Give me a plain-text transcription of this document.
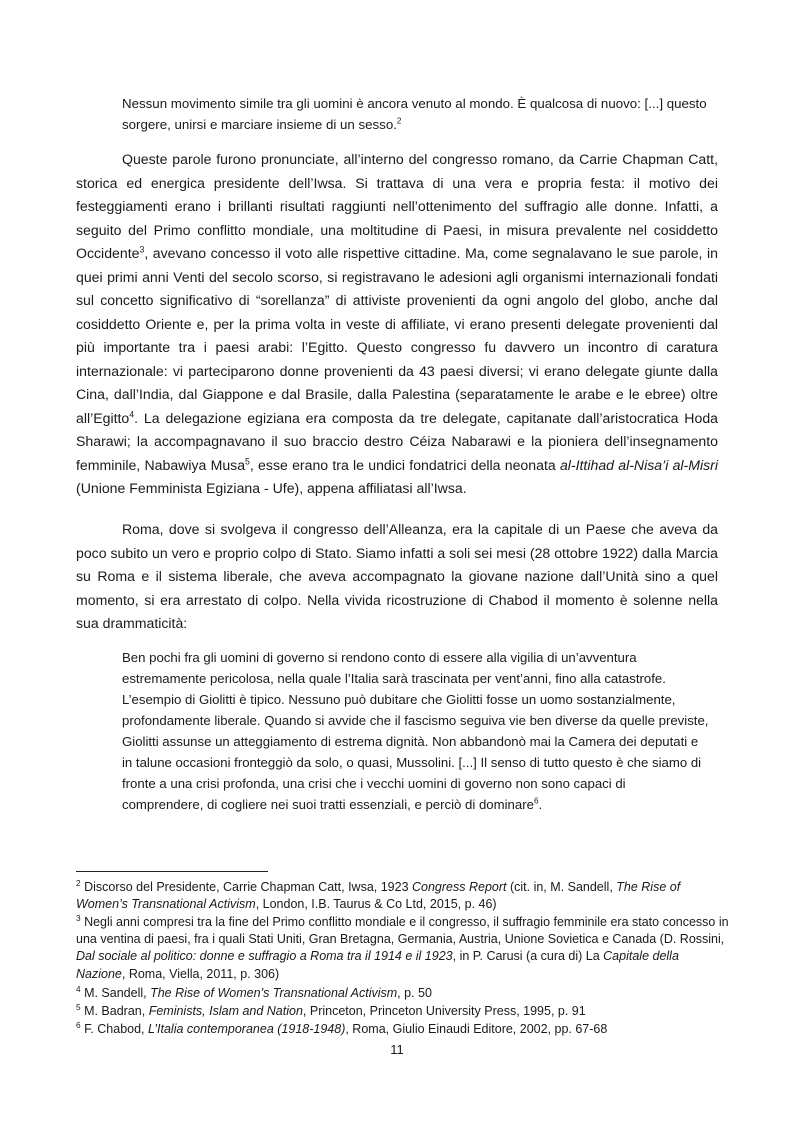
Nessun movimento simile tra gli uomini è ancora venuto al mondo. È qualcosa di nuovo: [...] questo sorgere, unirsi e marciare insieme di un sesso.$^2$

Queste parole furono pronunciate, all’interno del congresso romano, da Carrie Chapman Catt, storica ed energica presidente dell’Iwsa. Si trattava di una vera e propria festa: il motivo dei festeggiamenti erano i brillanti risultati raggiunti nell’ottenimento del suffragio alle donne. Infatti, a seguito del Primo conflitto mondiale, una moltitudine di Paesi, in misura prevalente nel cosiddetto Occidente$^3$, avevano concesso il voto alle rispettive cittadine. Ma, come segnalavano le sue parole, in quei primi anni Venti del secolo scorso, si registravano le adesioni agli organismi internazionali fondati sul concetto significativo di “sorellanza” di attiviste provenienti da ogni angolo del globo, anche dal cosiddetto Oriente e, per la prima volta in veste di affiliate, vi erano presenti delegate provenienti dal più importante tra i paesi arabi: l’Egitto. Questo congresso fu davvero un incontro di caratura internazionale: vi parteciparono donne provenienti da 43 paesi diversi; vi erano delegate giunte dalla Cina, dall’India, dal Giappone e dal Brasile, dalla Palestina (separatamente le arabe e le ebree) oltre all’Egitto$^4$. La delegazione egiziana era composta da tre delegate, capitanate dall’aristocratica Hoda Sharawi; la accompagnavano il suo braccio destro Céiza Nabarawi e la pioniera dell’insegnamento femminile, Nabawiya Musa$^5$, esse erano tra le undici fondatrici della neonata al-Ittihad al-Nisa’i al-Misri (Unione Femminista Egiziana - Ufe), appena affiliatasi all’Iwsa.

Roma, dove si svolgeva il congresso dell’Alleanza, era la capitale di un Paese che aveva da poco subito un vero e proprio colpo di Stato. Siamo infatti a soli sei mesi (28 ottobre 1922) dalla Marcia su Roma e il sistema liberale, che aveva accompagnato la giovane nazione dall’Unità sino a quel momento, si era arrestato di colpo. Nella vivida ricostruzione di Chabod il momento è solenne nella sua drammaticità:

Ben pochi fra gli uomini di governo si rendono conto di essere alla vigilia di un’avventura
estremamente pericolosa, nella quale l’Italia sarà trascinata per vent’anni, fino alla catastrofe.
L’esempio di Giolitti è tipico. Nessuno può dubitare che Giolitti fosse un uomo sostanzialmente,
profondamente liberale. Quando si avvide che il fascismo seguiva vie ben diverse da quelle previste,
Giolitti assunse un atteggiamento di estrema dignità. Non abbandonò mai la Camera dei deputati e
in talune occasioni fronteggiò da solo, o quasi, Mussolini. [...] Il senso di tutto questo è che siamo di
fronte a una crisi profonda, una crisi che i vecchi uomini di governo non sono capaci di
comprendere, di cogliere nei suoi tratti essenziali, e perciò di dominare$^6$.

$^2$ Discorso del Presidente, Carrie Chapman Catt, Iwsa, 1923 Congress Report (cit. in, M. Sandell, The Rise of Women’s Transnational Activism, London, I.B. Taurus & Co Ltd, 2015, p. 46)

$^3$ Negli anni compresi tra la fine del Primo conflitto mondiale e il congresso, il suffragio femminile era stato concesso in una ventina di paesi, fra i quali Stati Uniti, Gran Bretagna, Germania, Austria, Unione Sovietica e Canada (D. Rossini, Dal sociale al politico: donne e suffragio a Roma tra il 1914 e il 1923, in P. Carusi (a cura di) La Capitale della Nazione, Roma, Viella, 2011, p. 306)

$^4$ M. Sandell, The Rise of Women’s Transnational Activism, p. 50

$^5$ M. Badran, Feminists, Islam and Nation, Princeton, Princeton University Press, 1995, p. 91

$^6$ F. Chabod, L’Italia contemporanea (1918-1948), Roma, Giulio Einaudi Editore, 2002, pp. 67-68

11
